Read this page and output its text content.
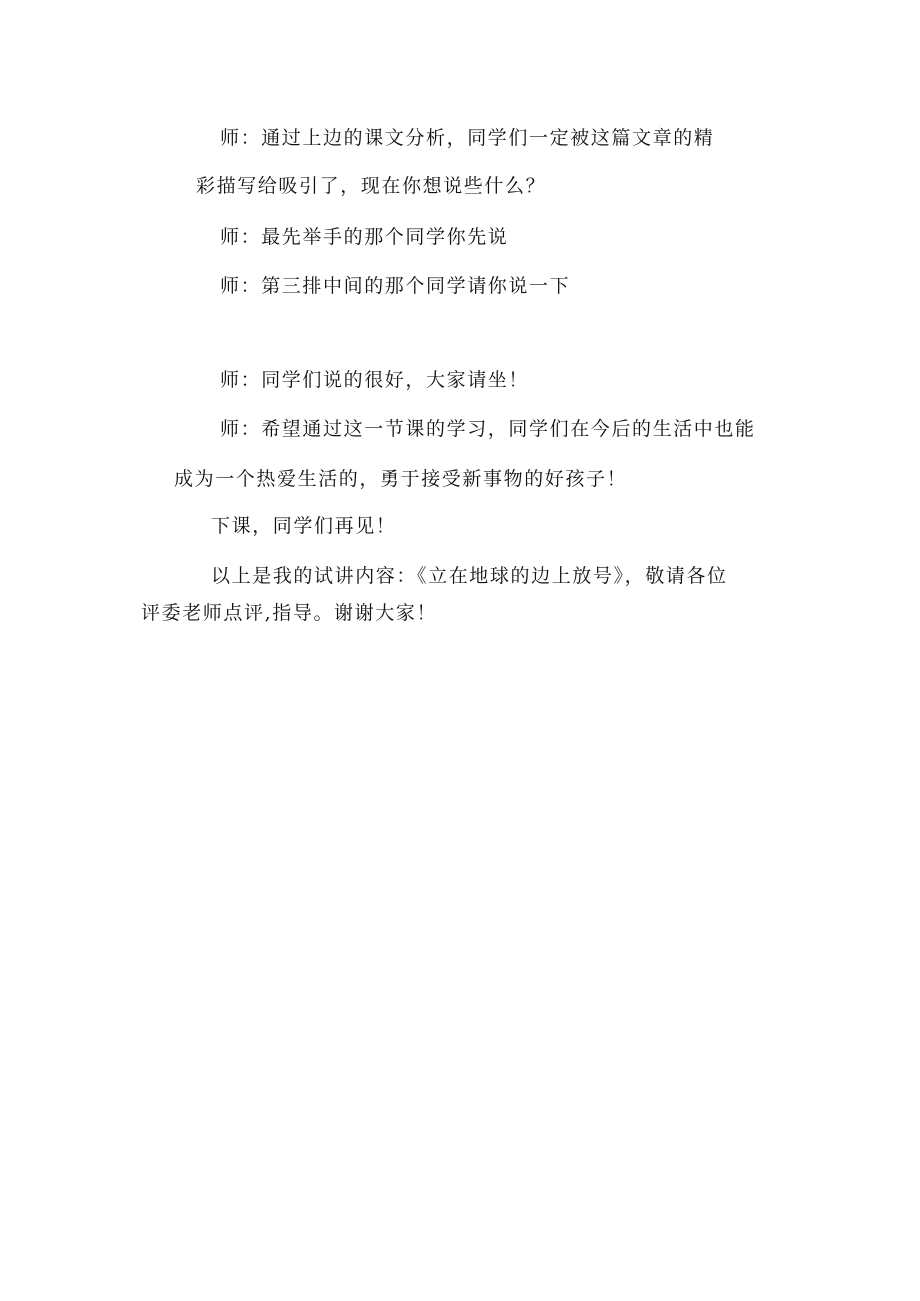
师：通过上边的课文分析，同学们一定被这篇文章的精
彩描写给吸引了，现在你想说些什么？
师：最先举手的那个同学你先说
师：第三排中间的那个同学请你说一下
师：同学们说的很好，大家请坐！
师：希望通过这一节课的学习，同学们在今后的生活中也能
成为一个热爱生活的，勇于接受新事物的好孩子！
下课，同学们再见！
以上是我的试讲内容：《立在地球的边上放号》，敬请各位
评委老师点评,指导。谢谢大家！
